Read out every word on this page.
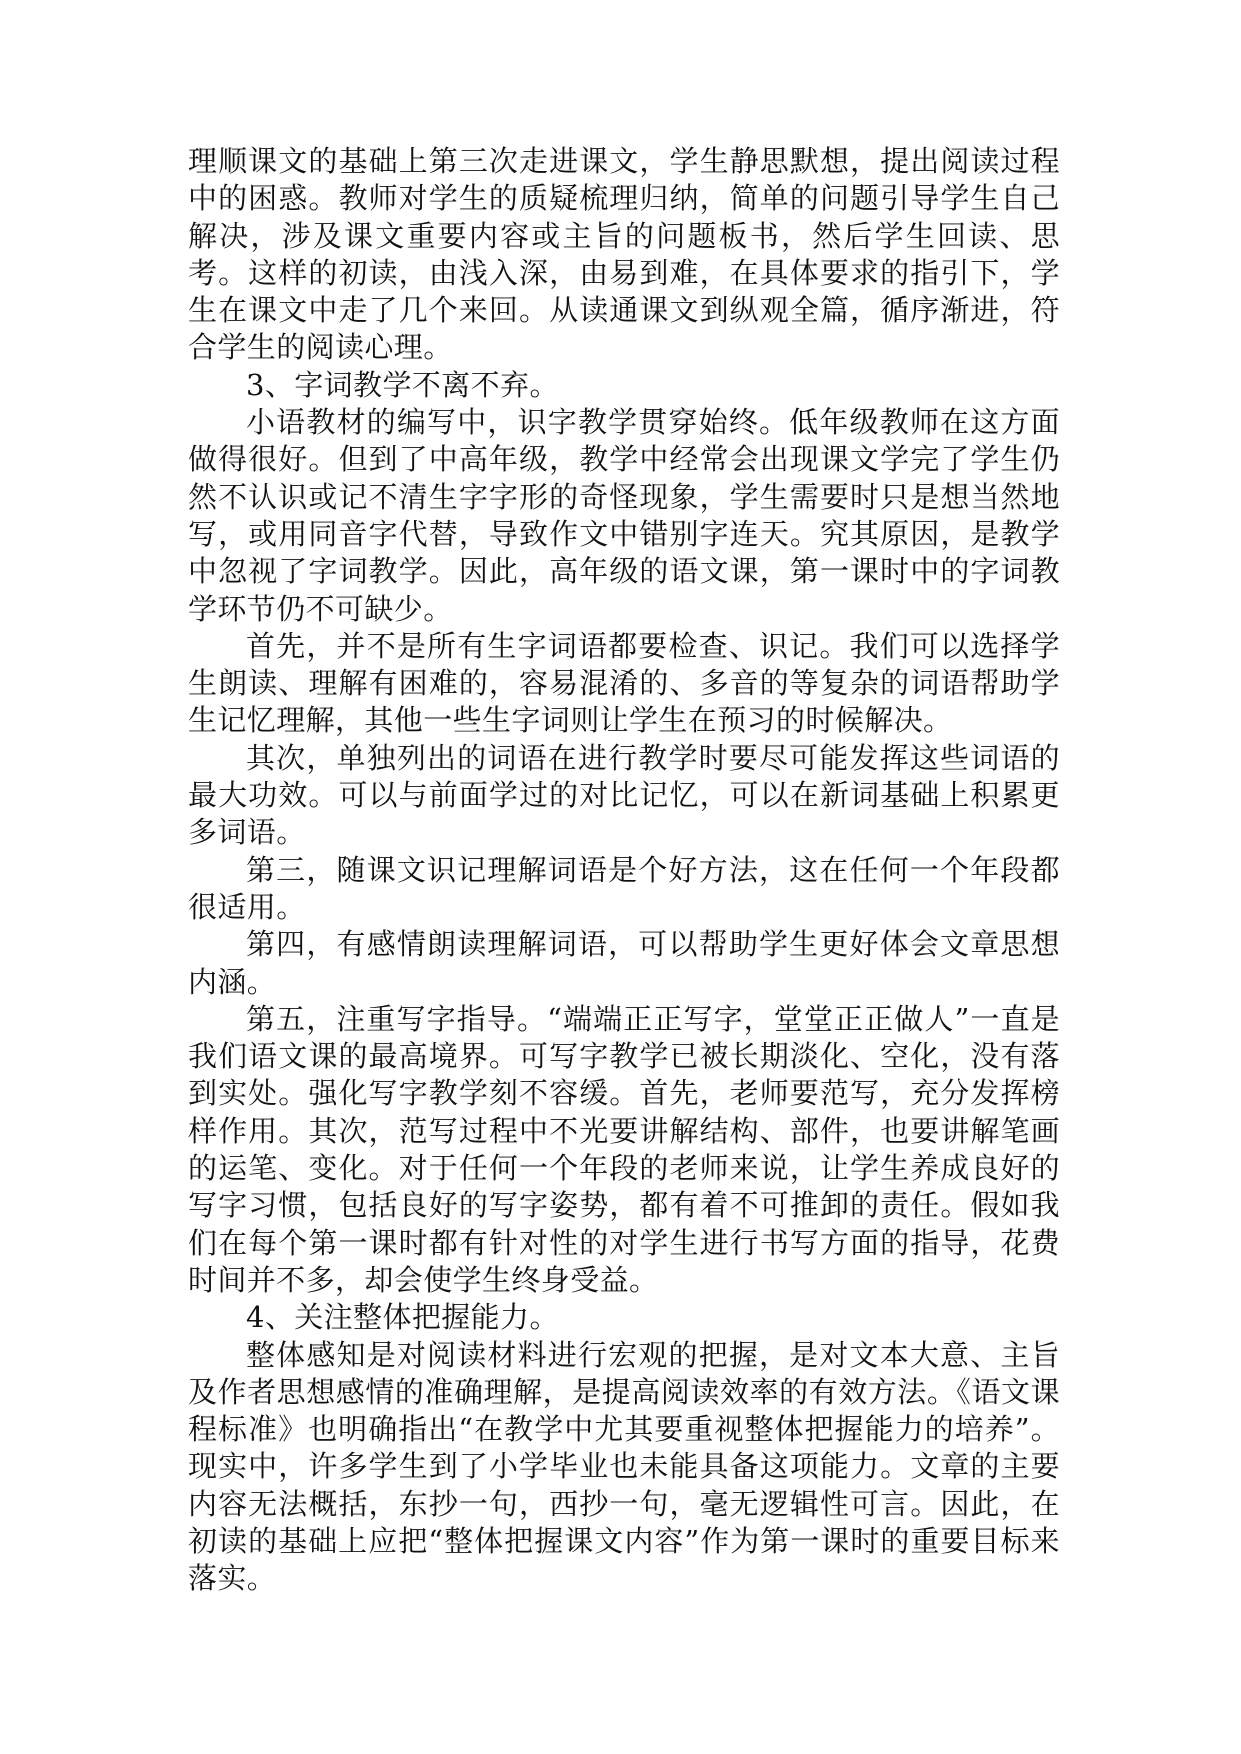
理顺课文的基础上第三次走进课文，学生静思默想，提出阅读过程中的困惑。教师对学生的质疑梳理归纳，简单的问题引导学生自己解决，涉及课文重要内容或主旨的问题板书，然后学生回读、思考。这样的初读，由浅入深，由易到难，在具体要求的指引下，学生在课文中走了几个来回。从读通课文到纵观全篇，循序渐进，符合学生的阅读心理。

3、字词教学不离不弃。

小语教材的编写中，识字教学贯穿始终。低年级教师在这方面做得很好。但到了中高年级，教学中经常会出现课文学完了学生仍然不认识或记不清生字字形的奇怪现象，学生需要时只是想当然地写，或用同音字代替，导致作文中错别字连天。究其原因，是教学中忽视了字词教学。因此，高年级的语文课，第一课时中的字词教学环节仍不可缺少。

首先，并不是所有生字词语都要检查、识记。我们可以选择学生朗读、理解有困难的，容易混淆的、多音的等复杂的词语帮助学生记忆理解，其他一些生字词则让学生在预习的时候解决。

其次，单独列出的词语在进行教学时要尽可能发挥这些词语的最大功效。可以与前面学过的对比记忆，可以在新词基础上积累更多词语。

第三，随课文识记理解词语是个好方法，这在任何一个年段都很适用。

第四，有感情朗读理解词语，可以帮助学生更好体会文章思想内涵。

第五，注重写字指导。“端端正正写字，堂堂正正做人”一直是我们语文课的最高境界。可写字教学已被长期淡化、空化，没有落到实处。强化写字教学刻不容缓。首先，老师要范写，充分发挥榜样作用。其次，范写过程中不光要讲解结构、部件，也要讲解笔画的运笔、变化。对于任何一个年段的老师来说，让学生养成良好的写字习惯，包括良好的写字姿势，都有着不可推卸的责任。假如我们在每个第一课时都有针对性的对学生进行书写方面的指导，花费时间并不多，却会使学生终身受益。

4、关注整体把握能力。

整体感知是对阅读材料进行宏观的把握，是对文本大意、主旨及作者思想感情的准确理解，是提高阅读效率的有效方法。《语文课程标准》也明确指出“在教学中尤其要重视整体把握能力的培养”。现实中，许多学生到了小学毕业也未能具备这项能力。文章的主要内容无法概括，东抄一句，西抄一句，毫无逻辑性可言。因此，在初读的基础上应把“整体把握课文内容”作为第一课时的重要目标来落实。
